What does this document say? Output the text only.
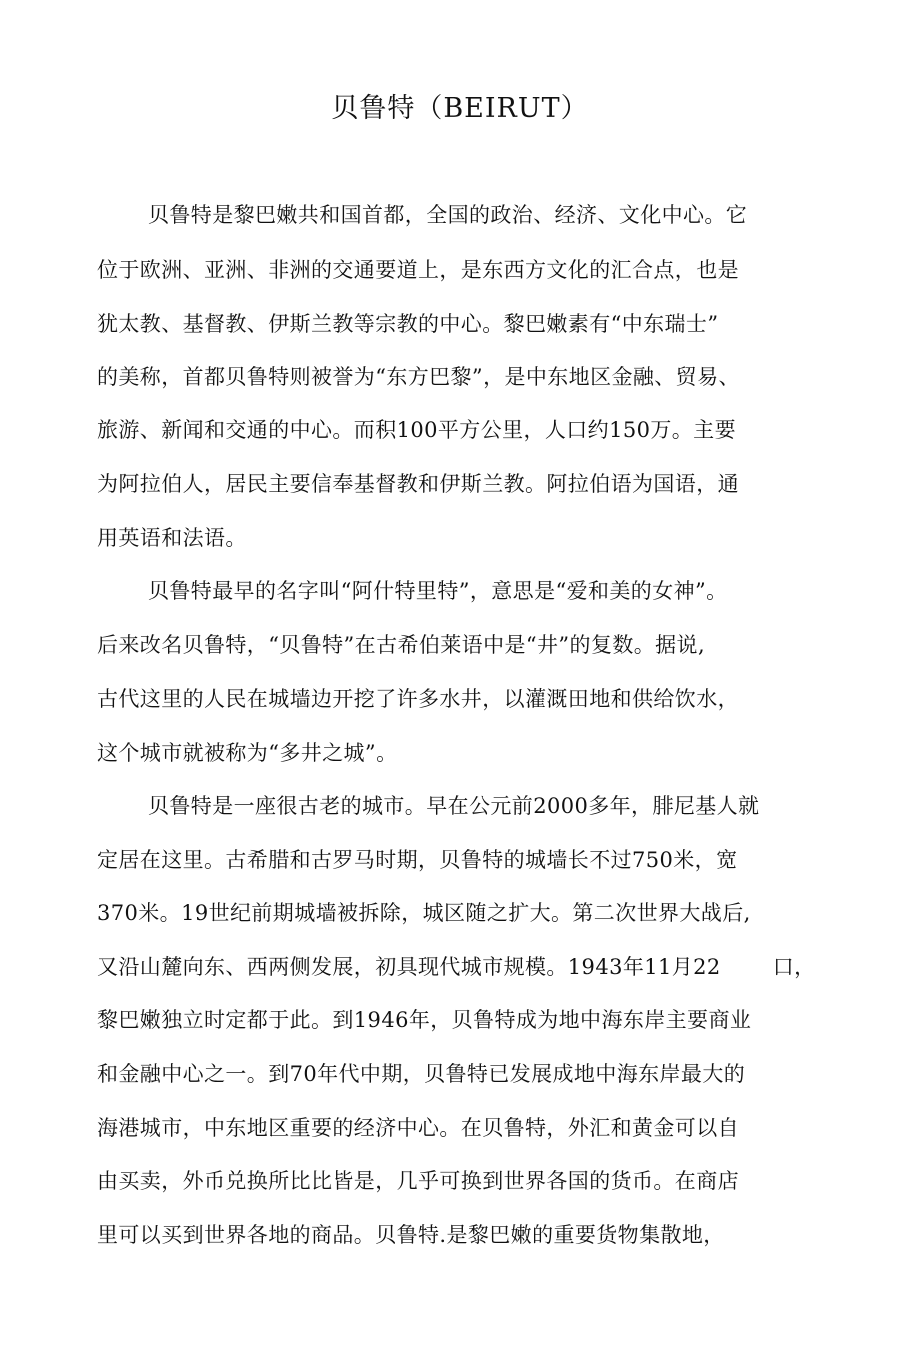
贝鲁特（BEIRUT）
贝鲁特是黎巴嫩共和国首都，全国的政治、经济、文化中心。它
位于欧洲、亚洲、非洲的交通要道上，是东西方文化的汇合点，也是
犹太教、基督教、伊斯兰教等宗教的中心。黎巴嫩素有“中东瑞士”
的美称，首都贝鲁特则被誉为“东方巴黎”，是中东地区金融、贸易、
旅游、新闻和交通的中心。而积100平方公里，人口约150万。主要
为阿拉伯人，居民主要信奉基督教和伊斯兰教。阿拉伯语为国语，通
用英语和法语。
贝鲁特最早的名字叫“阿什特里特”，意思是“爱和美的女神”。
后来改名贝鲁特，“贝鲁特”在古希伯莱语中是“井”的复数。据说,
古代这里的人民在城墙边开挖了许多水井，以灌溉田地和供给饮水，
这个城市就被称为“多井之城”。
贝鲁特是一座很古老的城市。早在公元前2000多年，腓尼基人就
定居在这里。古希腊和古罗马时期，贝鲁特的城墙长不过750米，宽
370米。19世纪前期城墙被拆除，城区随之扩大。第二次世界大战后,
又沿山麓向东、西两侧发展，初具现代城市规模。1943年11月22 口，
黎巴嫩独立时定都于此。到1946年，贝鲁特成为地中海东岸主要商业
和金融中心之一。到70年代中期，贝鲁特已发展成地中海东岸最大的
海港城市，中东地区重要的经济中心。在贝鲁特，外汇和黄金可以自
由买卖，外币兑换所比比皆是，几乎可换到世界各国的货币。在商店
里可以买到世界各地的商品。贝鲁特.是黎巴嫩的重要货物集散地，
